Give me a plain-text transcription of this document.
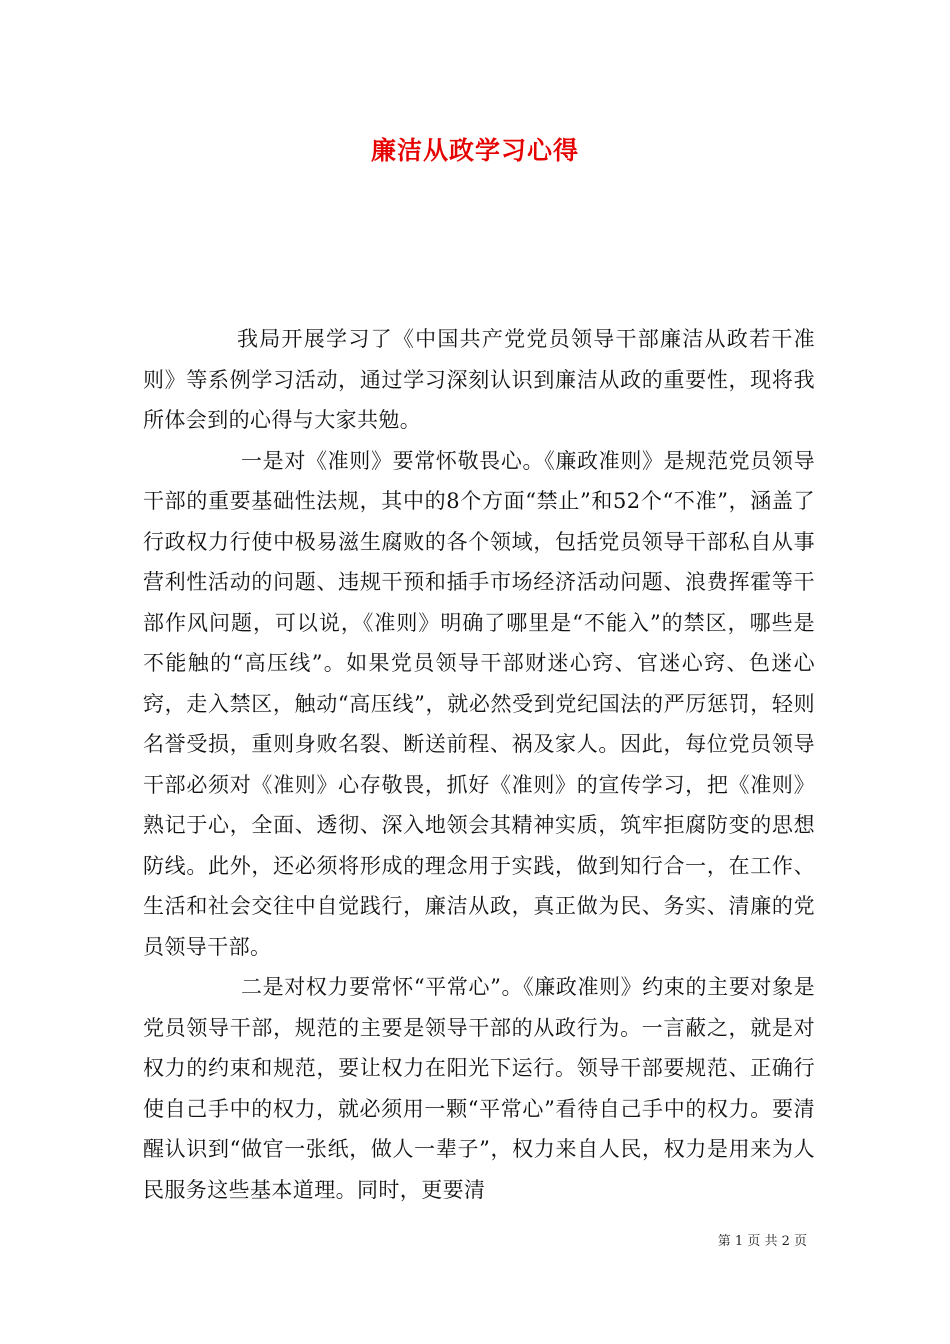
廉洁从政学习心得

我局开展学习了《中国共产党党员领导干部廉洁从政若干准则》等系例学习活动，通过学习深刻认识到廉洁从政的重要性，现将我所体会到的心得与大家共勉。

一是对《准则》要常怀敬畏心。《廉政准则》是规范党员领导干部的重要基础性法规，其中的8个方面“禁止”和52个“不准”，涵盖了行政权力行使中极易滋生腐败的各个领域，包括党员领导干部私自从事营利性活动的问题、违规干预和插手市场经济活动问题、浪费挥霍等干部作风问题，可以说，《准则》明确了哪里是“不能入”的禁区，哪些是不能触的“高压线”。如果党员领导干部财迷心窍、官迷心窍、色迷心窍，走入禁区，触动“高压线”，就必然受到党纪国法的严厉惩罚，轻则名誉受损，重则身败名裂、断送前程、祸及家人。因此，每位党员领导干部必须对《准则》心存敬畏，抓好《准则》的宣传学习，把《准则》熟记于心，全面、透彻、深入地领会其精神实质，筑牢拒腐防变的思想防线。此外，还必须将形成的理念用于实践，做到知行合一，在工作、生活和社会交往中自觉践行，廉洁从政，真正做为民、务实、清廉的党员领导干部。

二是对权力要常怀“平常心”。《廉政准则》约束的主要对象是党员领导干部，规范的主要是领导干部的从政行为。一言蔽之，就是对权力的约束和规范，要让权力在阳光下运行。领导干部要规范、正确行使自己手中的权力，就必须用一颗“平常心”看待自己手中的权力。要清醒认识到“做官一张纸，做人一辈子”，权力来自人民，权力是用来为人民服务这些基本道理。同时，更要清

第 1 页 共 2 页
